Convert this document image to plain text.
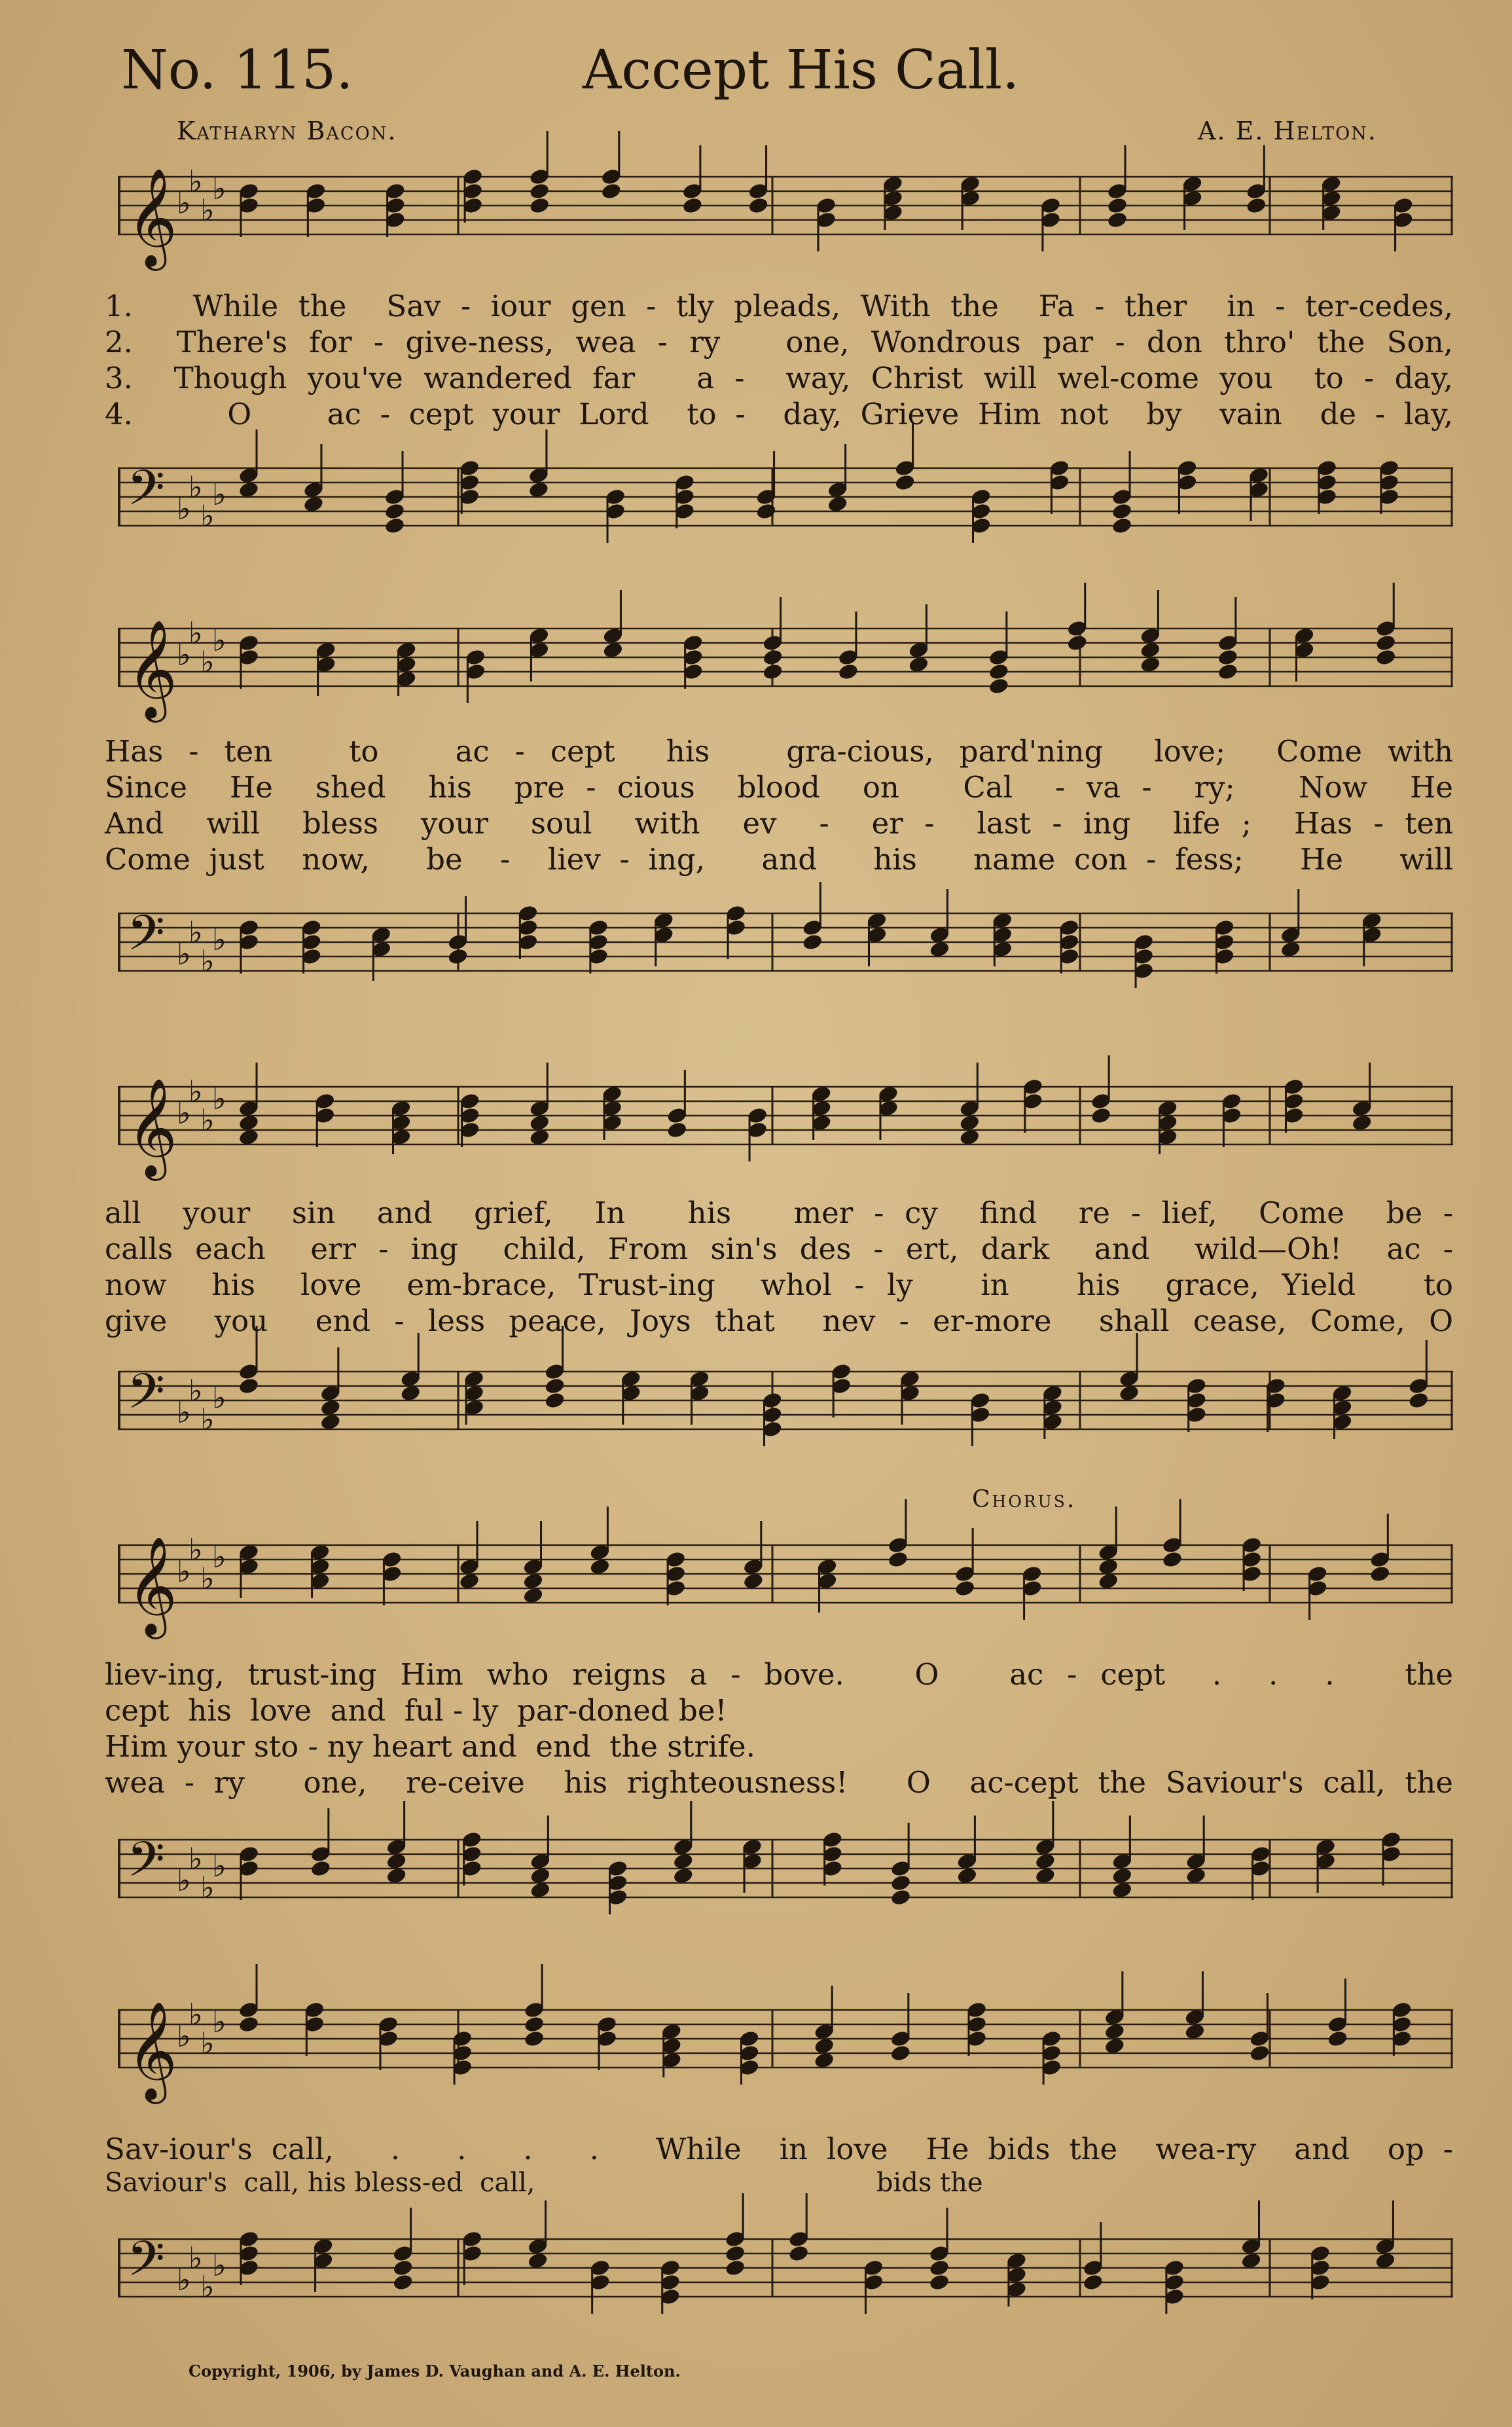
No. 115.	Accept His Call.
Katharyn Bacon.	A. E. Helton.
𝄞 ♭
♭
♭
♭
1.   While the  Sav - iour gen - tly pleads, With the  Fa - ther  in - ter-cedes,
2.  There's for - give-ness, wea - ry   one, Wondrous par - don thro' the Son,
3.  Though you've wandered far   a -  way, Christ will wel-come you  to - day,
4.     O    ac - cept your Lord  to -  day, Grieve Him not  by  vain  de - lay,
𝄢 ♭
♭
♭
♭
𝄞 ♭
♭
♭
♭
Has - ten   to   ac - cept  his   gra-cious, pard'ning  love;  Come with
Since  He  shed  his  pre - cious  blood  on   Cal  - va -  ry;   Now  He
And  will  bless  your  soul  with  ev  -  er -  last - ing  life ;  Has - ten
Come just  now,   be  -  liev - ing,   and   his   name con - fess;   He   will
𝄢 ♭
♭
♭
♭
𝄞 ♭
♭
♭
♭
all  your  sin  and  grief,  In   his   mer - cy  find  re - lief,  Come  be -
calls each  err - ing  child, From sin's des - ert, dark  and  wild—Oh!  ac -
now  his  love  em-brace, Trust-ing  whol - ly   in   his  grace, Yield   to
give  you  end - less peace, Joys that  nev - er-more  shall cease, Come, O
𝄢 ♭
♭
♭
♭
Chorus.
𝄞 ♭
♭
♭
♭
liev-ing, trust-ing Him who reigns a - bove.   O   ac - cept  .  .  .   the
cept  his  love  and  ful - ly  par-doned be!
Him your sto - ny heart and  end  the strife.
wea - ry   one,  re-ceive  his righteousness!   O  ac-cept the Saviour's call, the
𝄢 ♭
♭
♭
♭
𝄞 ♭
♭
♭
♭
Sav-iour's call,   .   .   .   .   While  in love  He bids the  wea-ry  and  op -
Saviour's  call, his bless-ed  call,                                         bids the
𝄢 ♭
♭
♭
♭
Copyright, 1906, by James D. Vaughan and A. E. Helton.
